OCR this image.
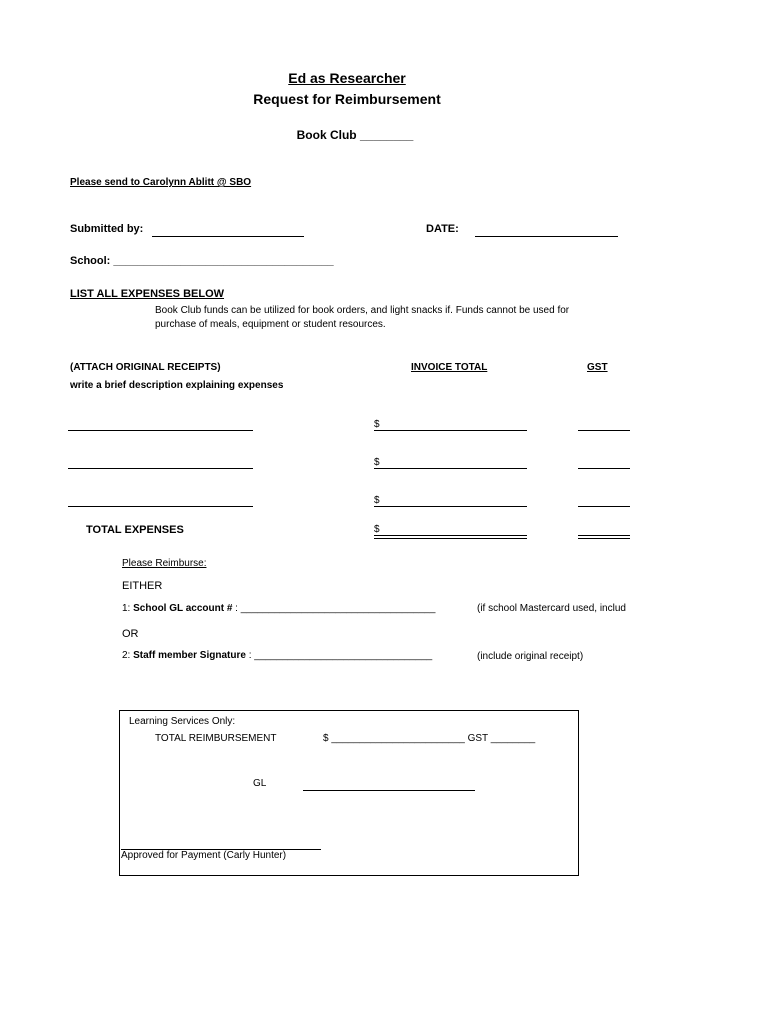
Ed as Researcher
Request for Reimbursement
Book Club ________
Please send to Carolynn Ablitt @ SBO
Submitted by:	DATE:
School: ____________________________________
LIST ALL EXPENSES BELOW
Book Club funds can be utilized for book orders, and light snacks if. Funds cannot be used for
purchase of meals, equipment or student resources.
(ATTACH ORIGINAL RECEIPTS)
write a brief description explaining expenses
INVOICE TOTAL	GST
$
$
$
TOTAL EXPENSES	$
Please Reimburse:
EITHER
1: School GL account # : ___________________________________	(if school Mastercard used, includ
OR
2: Staff member Signature : ________________________________	(include original receipt)
Learning Services Only:
TOTAL REIMBURSEMENT	$ ________________________ GST ________
GL
Approved for Payment (Carly Hunter)
